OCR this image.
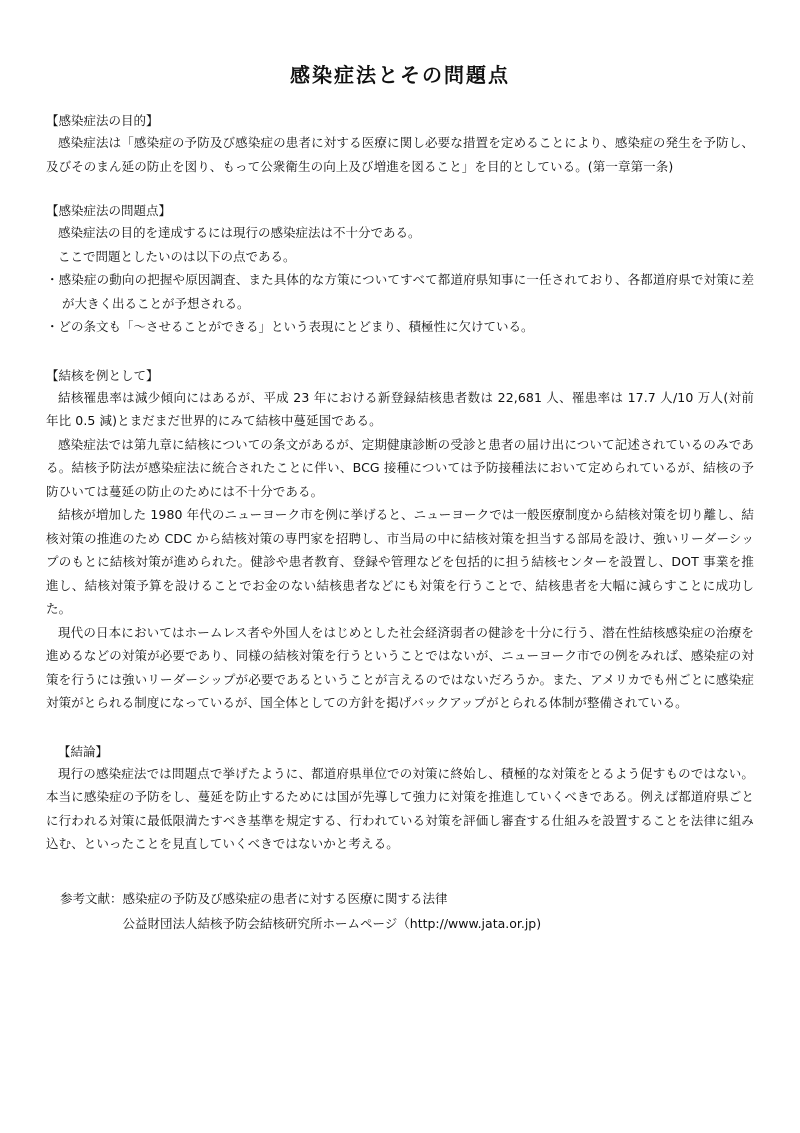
感染症法とその問題点

【感染症法の目的】

感染症法は「感染症の予防及び感染症の患者に対する医療に関し必要な措置を定めることにより、感染症の発生を予防し、及びそのまん延の防止を図り、もって公衆衛生の向上及び増進を図ること」を目的としている。(第一章第一条)

【感染症法の問題点】

感染症法の目的を達成するには現行の感染症法は不十分である。

ここで問題としたいのは以下の点である。

・感染症の動向の把握や原因調査、また具体的な方策についてすべて都道府県知事に一任されており、各都道府県で対策に差が大きく出ることが予想される。

・どの条文も「〜させることができる」という表現にとどまり、積極性に欠けている。

【結核を例として】

結核罹患率は減少傾向にはあるが、平成 23 年における新登録結核患者数は 22,681 人、罹患率は 17.7 人/10 万人(対前年比 0.5 減)とまだまだ世界的にみて結核中蔓延国である。

感染症法では第九章に結核についての条文があるが、定期健康診断の受診と患者の届け出について記述されているのみである。結核予防法が感染症法に統合されたことに伴い、BCG 接種については予防接種法において定められているが、結核の予防ひいては蔓延の防止のためには不十分である。

結核が増加した 1980 年代のニューヨーク市を例に挙げると、ニューヨークでは一般医療制度から結核対策を切り離し、結核対策の推進のため CDC から結核対策の専門家を招聘し、市当局の中に結核対策を担当する部局を設け、強いリーダーシップのもとに結核対策が進められた。健診や患者教育、登録や管理などを包括的に担う結核センターを設置し、DOT 事業を推進し、結核対策予算を設けることでお金のない結核患者などにも対策を行うことで、結核患者を大幅に減らすことに成功した。

現代の日本においてはホームレス者や外国人をはじめとした社会経済弱者の健診を十分に行う、潜在性結核感染症の治療を進めるなどの対策が必要であり、同様の結核対策を行うということではないが、ニューヨーク市での例をみれば、感染症の対策を行うには強いリーダーシップが必要であるということが言えるのではないだろうか。また、アメリカでも州ごとに感染症対策がとられる制度になっているが、国全体としての方針を掲げバックアップがとられる体制が整備されている。

【結論】

現行の感染症法では問題点で挙げたように、都道府県単位での対策に終始し、積極的な対策をとるよう促すものではない。本当に感染症の予防をし、蔓延を防止するためには国が先導して強力に対策を推進していくべきである。例えば都道府県ごとに行われる対策に最低限満たすべき基準を規定する、行われている対策を評価し審査する仕組みを設置することを法律に組み込む、といったことを見直していくべきではないかと考える。

参考文献： 感染症の予防及び感染症の患者に対する医療に関する法律
公益財団法人結核予防会結核研究所ホームページ（http://www.jata.or.jp)
